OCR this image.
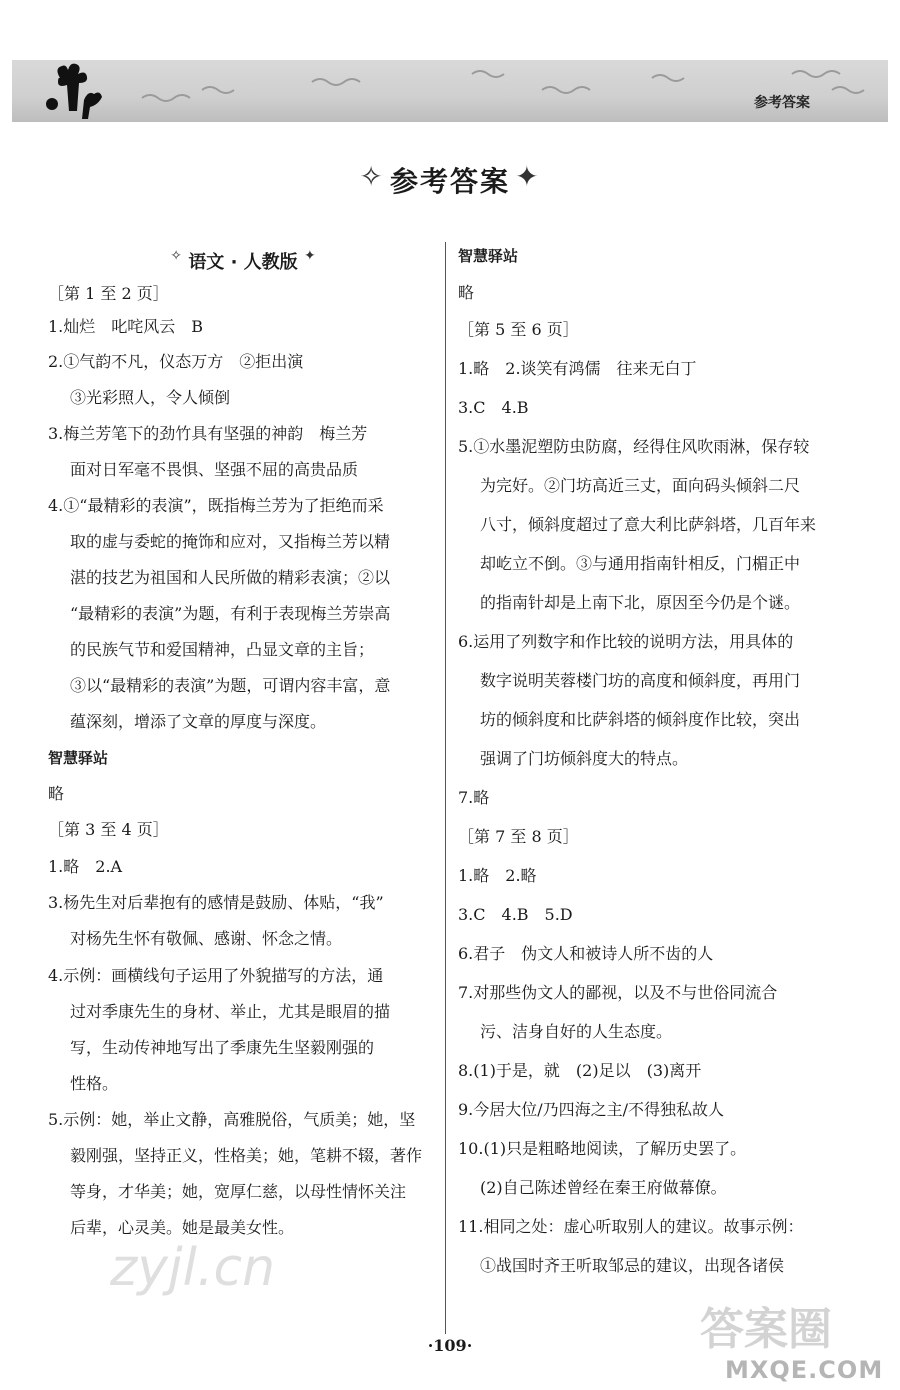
参考答案
✧ 参考答案 ✦
✧ 语文 · 人教版 ✦
［第 1 至 2 页］
1.灿烂　叱咤风云　B
2.①气韵不凡，仪态万方　②拒出演
③光彩照人，令人倾倒
3.梅兰芳笔下的劲竹具有坚强的神韵　梅兰芳
面对日军毫不畏惧、坚强不屈的高贵品质
4.①“最精彩的表演”，既指梅兰芳为了拒绝而采
取的虚与委蛇的掩饰和应对，又指梅兰芳以精
湛的技艺为祖国和人民所做的精彩表演；②以
“最精彩的表演”为题，有利于表现梅兰芳崇高
的民族气节和爱国精神，凸显文章的主旨；
③以“最精彩的表演”为题，可谓内容丰富，意
蕴深刻，增添了文章的厚度与深度。
智慧驿站
略
［第 3 至 4 页］
1.略　2.A
3.杨先生对后辈抱有的感情是鼓励、体贴，“我”
对杨先生怀有敬佩、感谢、怀念之情。
4.示例：画横线句子运用了外貌描写的方法，通
过对季康先生的身材、举止，尤其是眼眉的描
写，生动传神地写出了季康先生坚毅刚强的
性格。
5.示例：她，举止文静，高雅脱俗，气质美；她，坚
毅刚强，坚持正义，性格美；她，笔耕不辍，著作
等身，才华美；她，宽厚仁慈，以母性情怀关注
后辈，心灵美。她是最美女性。
智慧驿站
略
［第 5 至 6 页］
1.略　2.谈笑有鸿儒　往来无白丁
3.C　4.B
5.①水墨泥塑防虫防腐，经得住风吹雨淋，保存较
为完好。②门坊高近三丈，面向码头倾斜二尺
八寸，倾斜度超过了意大利比萨斜塔，几百年来
却屹立不倒。③与通用指南针相反，门楣正中
的指南针却是上南下北，原因至今仍是个谜。
6.运用了列数字和作比较的说明方法，用具体的
数字说明芙蓉楼门坊的高度和倾斜度，再用门
坊的倾斜度和比萨斜塔的倾斜度作比较，突出
强调了门坊倾斜度大的特点。
7.略
［第 7 至 8 页］
1.略　2.略
3.C　4.B　5.D
6.君子　伪文人和被诗人所不齿的人
7.对那些伪文人的鄙视，以及不与世俗同流合
污、洁身自好的人生态度。
8.(1)于是，就　(2)足以　(3)离开
9.今居大位/乃四海之主/不得独私故人
10.(1)只是粗略地阅读，了解历史罢了。
(2)自己陈述曾经在秦王府做幕僚。
11.相同之处：虚心听取别人的建议。故事示例：
①战国时齐王听取邹忌的建议，出现各诸侯
zyjl.cn
答案圈
MXQE.COM
·109·
